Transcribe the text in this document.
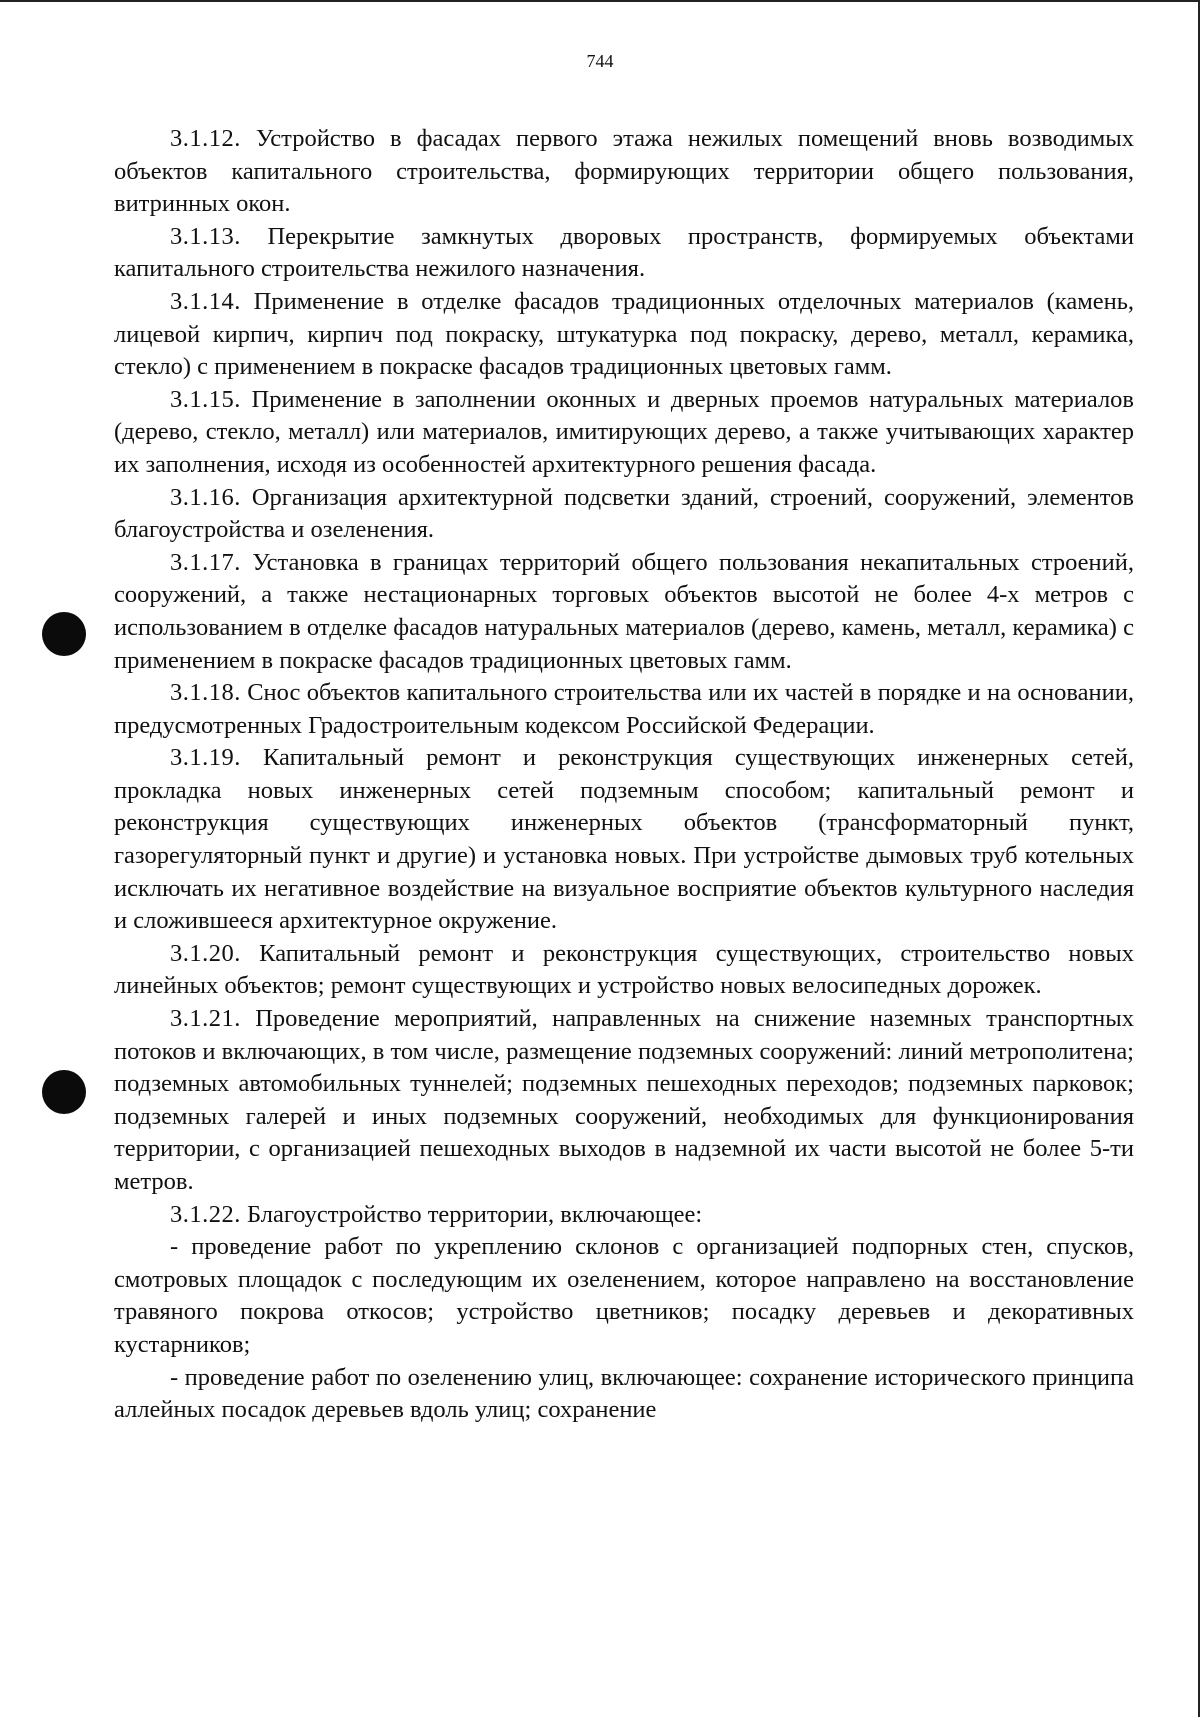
744

3.1.12. Устройство в фасадах первого этажа нежилых помещений вновь возводимых объектов капитального строительства, формирующих территории общего пользования, витринных окон.

3.1.13. Перекрытие замкнутых дворовых пространств, формируемых объектами капитального строительства нежилого назначения.

3.1.14. Применение в отделке фасадов традиционных отделочных материалов (камень, лицевой кирпич, кирпич под покраску, штукатурка под покраску, дерево, металл, керамика, стекло) с применением в покраске фасадов традиционных цветовых гамм.

3.1.15. Применение в заполнении оконных и дверных проемов натуральных материалов (дерево, стекло, металл) или материалов, имитирующих дерево, а также учитывающих характер их заполнения, исходя из особенностей архитектурного решения фасада.

3.1.16. Организация архитектурной подсветки зданий, строений, сооружений, элементов благоустройства и озеленения.

3.1.17. Установка в границах территорий общего пользования некапитальных строений, сооружений, а также нестационарных торговых объектов высотой не более 4-х метров с использованием в отделке фасадов натуральных материалов (дерево, камень, металл, керамика) с применением в покраске фасадов традиционных цветовых гамм.

3.1.18. Снос объектов капитального строительства или их частей в порядке и на основании, предусмотренных Градостроительным кодексом Российской Федерации.

3.1.19. Капитальный ремонт и реконструкция существующих инженерных сетей, прокладка новых инженерных сетей подземным способом; капитальный ремонт и реконструкция существующих инженерных объектов (трансформаторный пункт, газорегуляторный пункт и другие) и установка новых. При устройстве дымовых труб котельных исключать их негативное воздействие на визуальное восприятие объектов культурного наследия и сложившееся архитектурное окружение.

3.1.20. Капитальный ремонт и реконструкция существующих, строительство новых линейных объектов; ремонт существующих и устройство новых велосипедных дорожек.

3.1.21. Проведение мероприятий, направленных на снижение наземных транспортных потоков и включающих, в том числе, размещение подземных сооружений: линий метрополитена; подземных автомобильных туннелей; подземных пешеходных переходов; подземных парковок; подземных галерей и иных подземных сооружений, необходимых для функционирования территории, с организацией пешеходных выходов в надземной их части высотой не более 5-ти метров.

3.1.22. Благоустройство территории, включающее:

- проведение работ по укреплению склонов с организацией подпорных стен, спусков, смотровых площадок с последующим их озеленением, которое направлено на восстановление травяного покрова откосов; устройство цветников; посадку деревьев и декоративных кустарников;

- проведение работ по озеленению улиц, включающее: сохранение исторического принципа аллейных посадок деревьев вдоль улиц; сохранение
